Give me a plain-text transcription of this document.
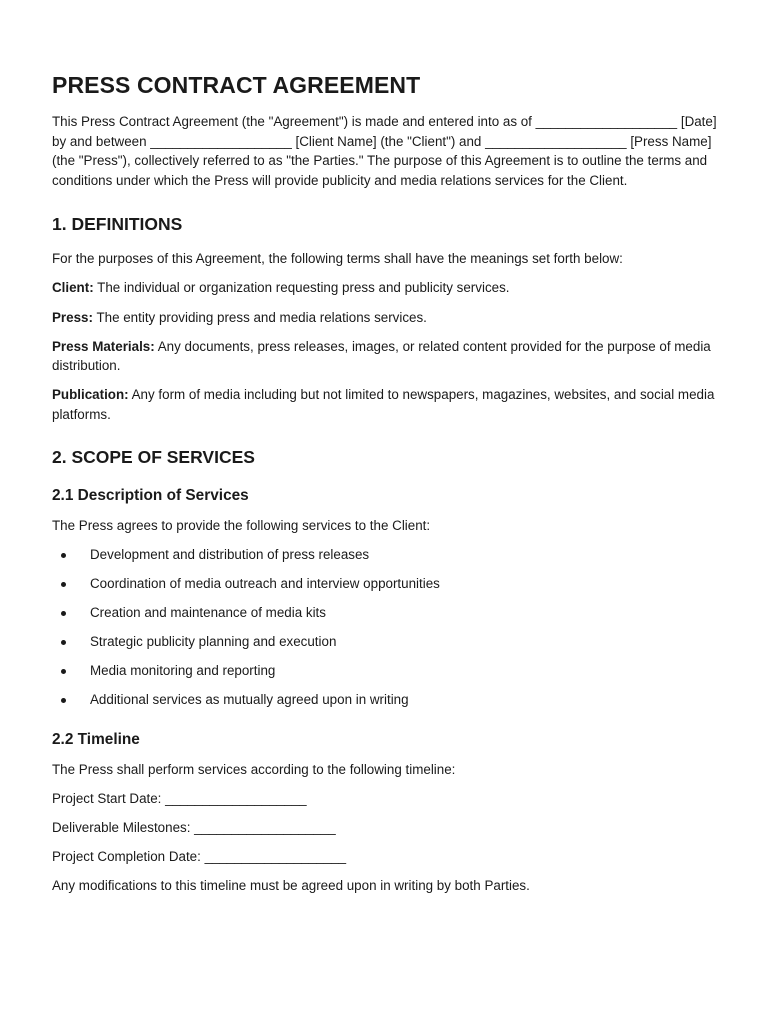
PRESS CONTRACT AGREEMENT

This Press Contract Agreement (the "Agreement") is made and entered into as of ___________________ [Date] by and between ___________________ [Client Name] (the "Client") and ___________________ [Press Name] (the "Press"), collectively referred to as "the Parties." The purpose of this Agreement is to outline the terms and conditions under which the Press will provide publicity and media relations services for the Client.

1. DEFINITIONS

For the purposes of this Agreement, the following terms shall have the meanings set forth below:

Client: The individual or organization requesting press and publicity services.

Press: The entity providing press and media relations services.

Press Materials: Any documents, press releases, images, or related content provided for the purpose of media distribution.

Publication: Any form of media including but not limited to newspapers, magazines, websites, and social media platforms.

2. SCOPE OF SERVICES
2.1 Description of Services

The Press agrees to provide the following services to the Client:

Development and distribution of press releases
Coordination of media outreach and interview opportunities
Creation and maintenance of media kits
Strategic publicity planning and execution
Media monitoring and reporting
Additional services as mutually agreed upon in writing
2.2 Timeline

The Press shall perform services according to the following timeline:

Project Start Date: ___________________

Deliverable Milestones: ___________________

Project Completion Date: ___________________

Any modifications to this timeline must be agreed upon in writing by both Parties.
